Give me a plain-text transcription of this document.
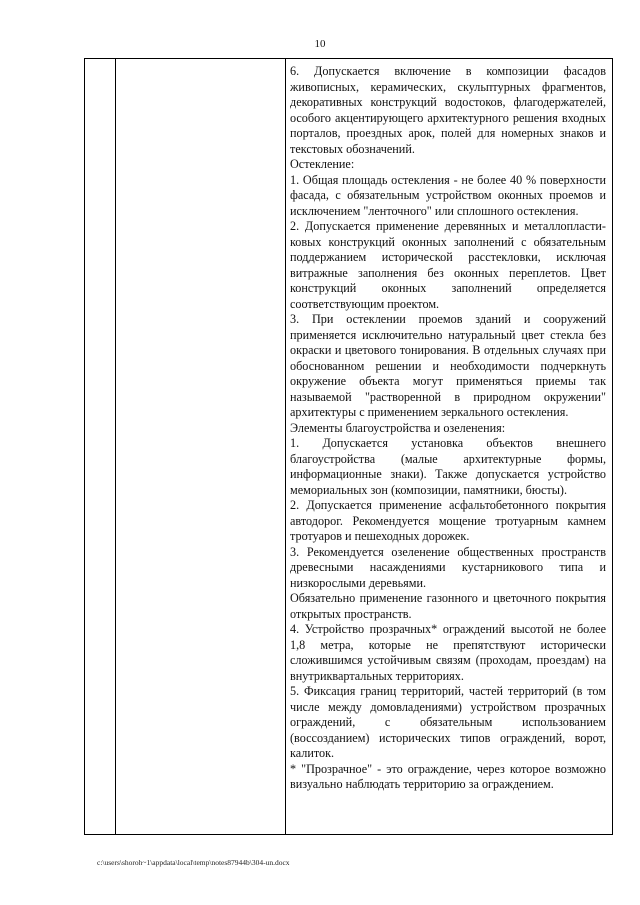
10

6. Допускается включение в композиции фасадов живописных, керамических, скульптурных фрагментов, декоративных конструкций водостоков, флагодержателей, особого акцентирующего архитектурного решения входных порталов, проездных арок, полей для номерных знаков и текстовых обозначений.

Остекление:

1. Общая площадь остекления - не более 40 % поверхности фасада, с обязательным устройством оконных проемов и исключением "ленточного" или сплошного остекления.

2. Допускается применение деревянных и металлопласти-ковых конструкций оконных заполнений с обязательным поддержанием исторической расстекловки, исключая витражные заполнения без оконных переплетов. Цвет конструкций оконных заполнений определяется соответствующим проектом.

3. При остеклении проемов зданий и сооружений применяется исключительно натуральный цвет стекла без окраски и цветового тонирования. В отдельных случаях при обоснованном решении и необходимости подчеркнуть окружение объекта могут применяться приемы так называемой "растворенной в природном окружении" архитектуры с применением зеркального остекления.

Элементы благоустройства и озеленения:

1. Допускается установка объектов внешнего благоустройства (малые архитектурные формы, информационные знаки). Также допускается устройство мемориальных зон (композиции, памятники, бюсты).

2. Допускается применение асфальтобетонного покрытия автодорог. Рекомендуется мощение тротуарным камнем тротуаров и пешеходных дорожек.

3. Рекомендуется озеленение общественных пространств древесными насаждениями кустарникового типа и низкорослыми деревьями.

Обязательно применение газонного и цветочного покрытия открытых пространств.

4. Устройство прозрачных* ограждений высотой не более 1,8 метра, которые не препятствуют исторически сложившимся устойчивым связям (проходам, проездам) на внутриквартальных территориях.

5. Фиксация границ территорий, частей территорий (в том числе между домовладениями) устройством прозрачных ограждений, с обязательным использованием (воссозданием) исторических типов ограждений, ворот, калиток.

* "Прозрачное" - это ограждение, через которое возможно визуально наблюдать территорию за ограждением.

c:\users\shoroh~1\appdata\local\temp\notes87944b\304-un.docx
